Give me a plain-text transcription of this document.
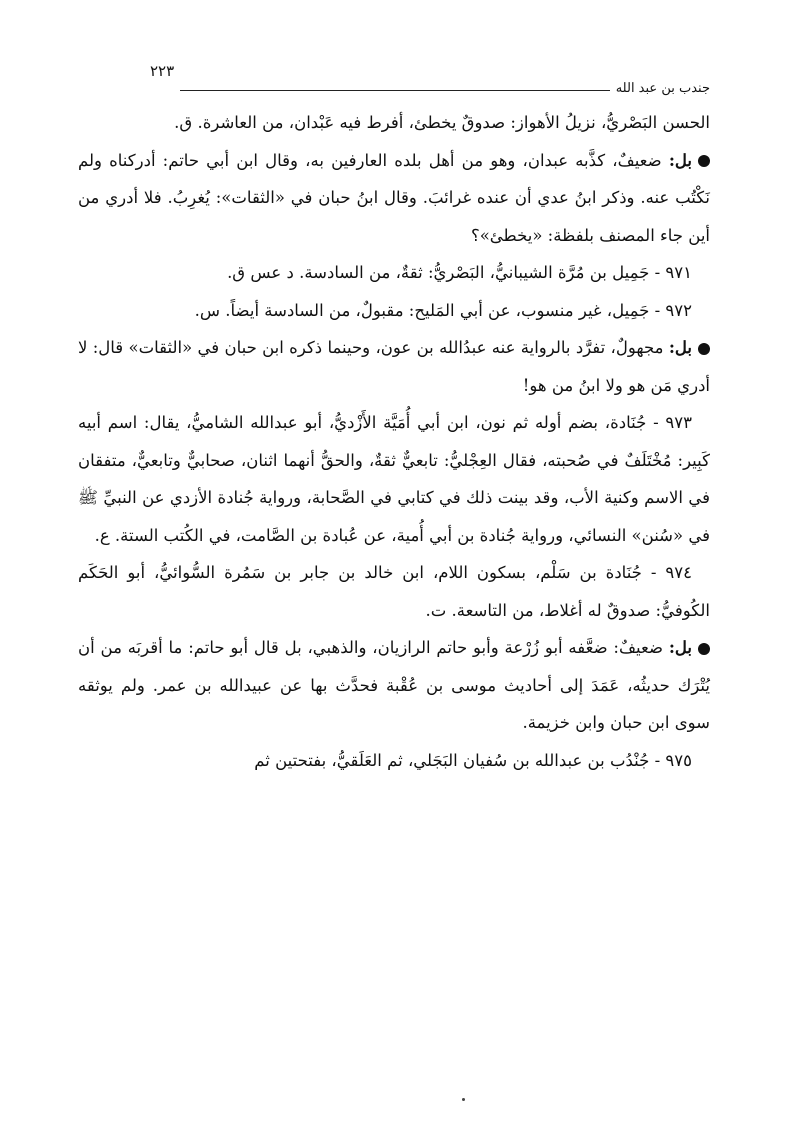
جندب بن عبد الله
٢٢٣

الحسن البَصْريُّ، نزيلُ الأهواز: صدوقٌ يخطئ، أفرط فيه عَبْدان، من العاشرة. ق.

بل: ضعيفٌ، كذَّبه عبدان، وهو من أهل بلده العارفين به، وقال ابن أبي حاتم: أدركناه ولم نَكْتُب عنه. وذكر ابنُ عدي أن عنده غرائبَ. وقال ابنُ حبان في «الثقات»: يُغرِبُ. فلا أدري من أين جاء المصنف بلفظة: «يخطئ»؟

٩٧١ - جَمِيل بن مُرَّة الشيبانيُّ، البَصْريُّ: ثقةٌ، من السادسة. د عس ق.

٩٧٢ - جَمِيل، غير منسوب، عن أبي المَليح: مقبولٌ، من السادسة أيضاً. س.

بل: مجهولٌ، تفرَّد بالرواية عنه عبدُالله بن عون، وحينما ذكره ابن حبان في «الثقات» قال: لا أدري مَن هو ولا ابنُ من هو!

٩٧٣ - جُنَادة، بضم أوله ثم نون، ابن أبي أُمَيَّة الأَزْديُّ، أبو عبدالله الشاميُّ، يقال: اسم أبيه كَبِير: مُخْتَلَفٌ في صُحبته، فقال العِجْليُّ: تابعيٌّ ثقةٌ، والحقُّ أنهما اثنان، صحابيٌّ وتابعيٌّ، متفقان في الاسم وكنية الأب، وقد بينت ذلك في كتابي في الصَّحابة، ورواية جُنادة الأزدي عن النبيِّ ﷺ في «سُنن» النسائي، ورواية جُنادة بن أبي أُمية، عن عُبادة بن الصَّامت، في الكُتب الستة. ع.

٩٧٤ - جُنَادة بن سَلْم، بسكون اللام، ابن خالد بن جابر بن سَمُرة السُّوائيُّ، أبو الحَكَم الكُوفيُّ: صدوقٌ له أغلاط، من التاسعة. ت.

بل: ضعيفٌ: ضعَّفه أبو زُرْعة وأبو حاتم الرازيان، والذهبي، بل قال أبو حاتم: ما أقربَه من أن يُتْرَك حديثُه، عَمَدَ إلى أحاديث موسى بن عُقْبة فحدَّث بها عن عبيدالله بن عمر. ولم يوثقه سوى ابن حبان وابن خزيمة.

٩٧٥ - جُنْدُب بن عبدالله بن سُفيان البَجَلي، ثم العَلَقيُّ، بفتحتين ثم
